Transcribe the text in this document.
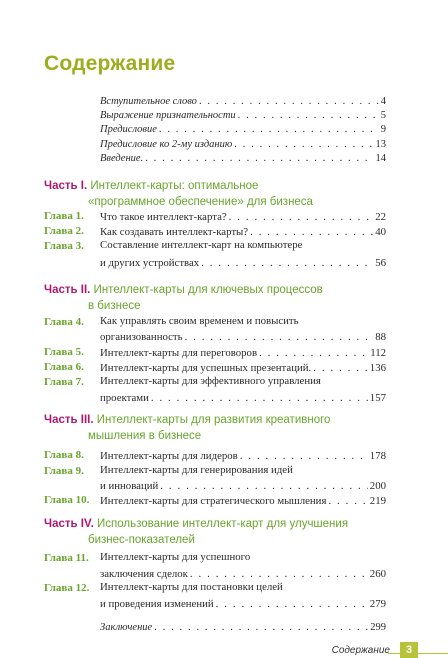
Содержание
Вступительное слово . . .	4
Выражение признательности . . .	5
Предисловие . . .	9
Предисловие ко 2-му изданию . . .	13
Введение. . . .	14
Часть I. Интеллект-карты: оптимальное
«программное обеспечение» для бизнеса
Глава 1. Что такое интеллект-карта? . . .	22
Глава 2. Как создавать интеллект-карты? . . .	40
Глава 3. Составление интеллект-карт на компьютере
и других устройствах . . .	56
Часть II. Интеллект-карты для ключевых процессов
в бизнесе
Глава 4. Как управлять своим временем и повысить
организованность . . .	88
Глава 5. Интеллект-карты для переговоров . . .	112
Глава 6. Интеллект-карты для успешных презентаций. . . .	136
Глава 7. Интеллект-карты для эффективного управления
проектами . . .	157
Часть III. Интеллект-карты для развития креативного
мышления в бизнесе
Глава 8. Интеллект-карты для лидеров . . .	178
Глава 9. Интеллект-карты для генерирования идей
и инноваций . . .	200
Глава 10. Интеллект-карты для стратегического мышления . . .	219
Часть IV. Использование интеллект-карт для улучшения
бизнес-показателей
Глава 11. Интеллект-карты для успешного
заключения сделок . . .	260
Глава 12. Интеллект-карты для постановки целей
и проведения изменений . . .	279
Заключение . . .	299
Содержание	3
